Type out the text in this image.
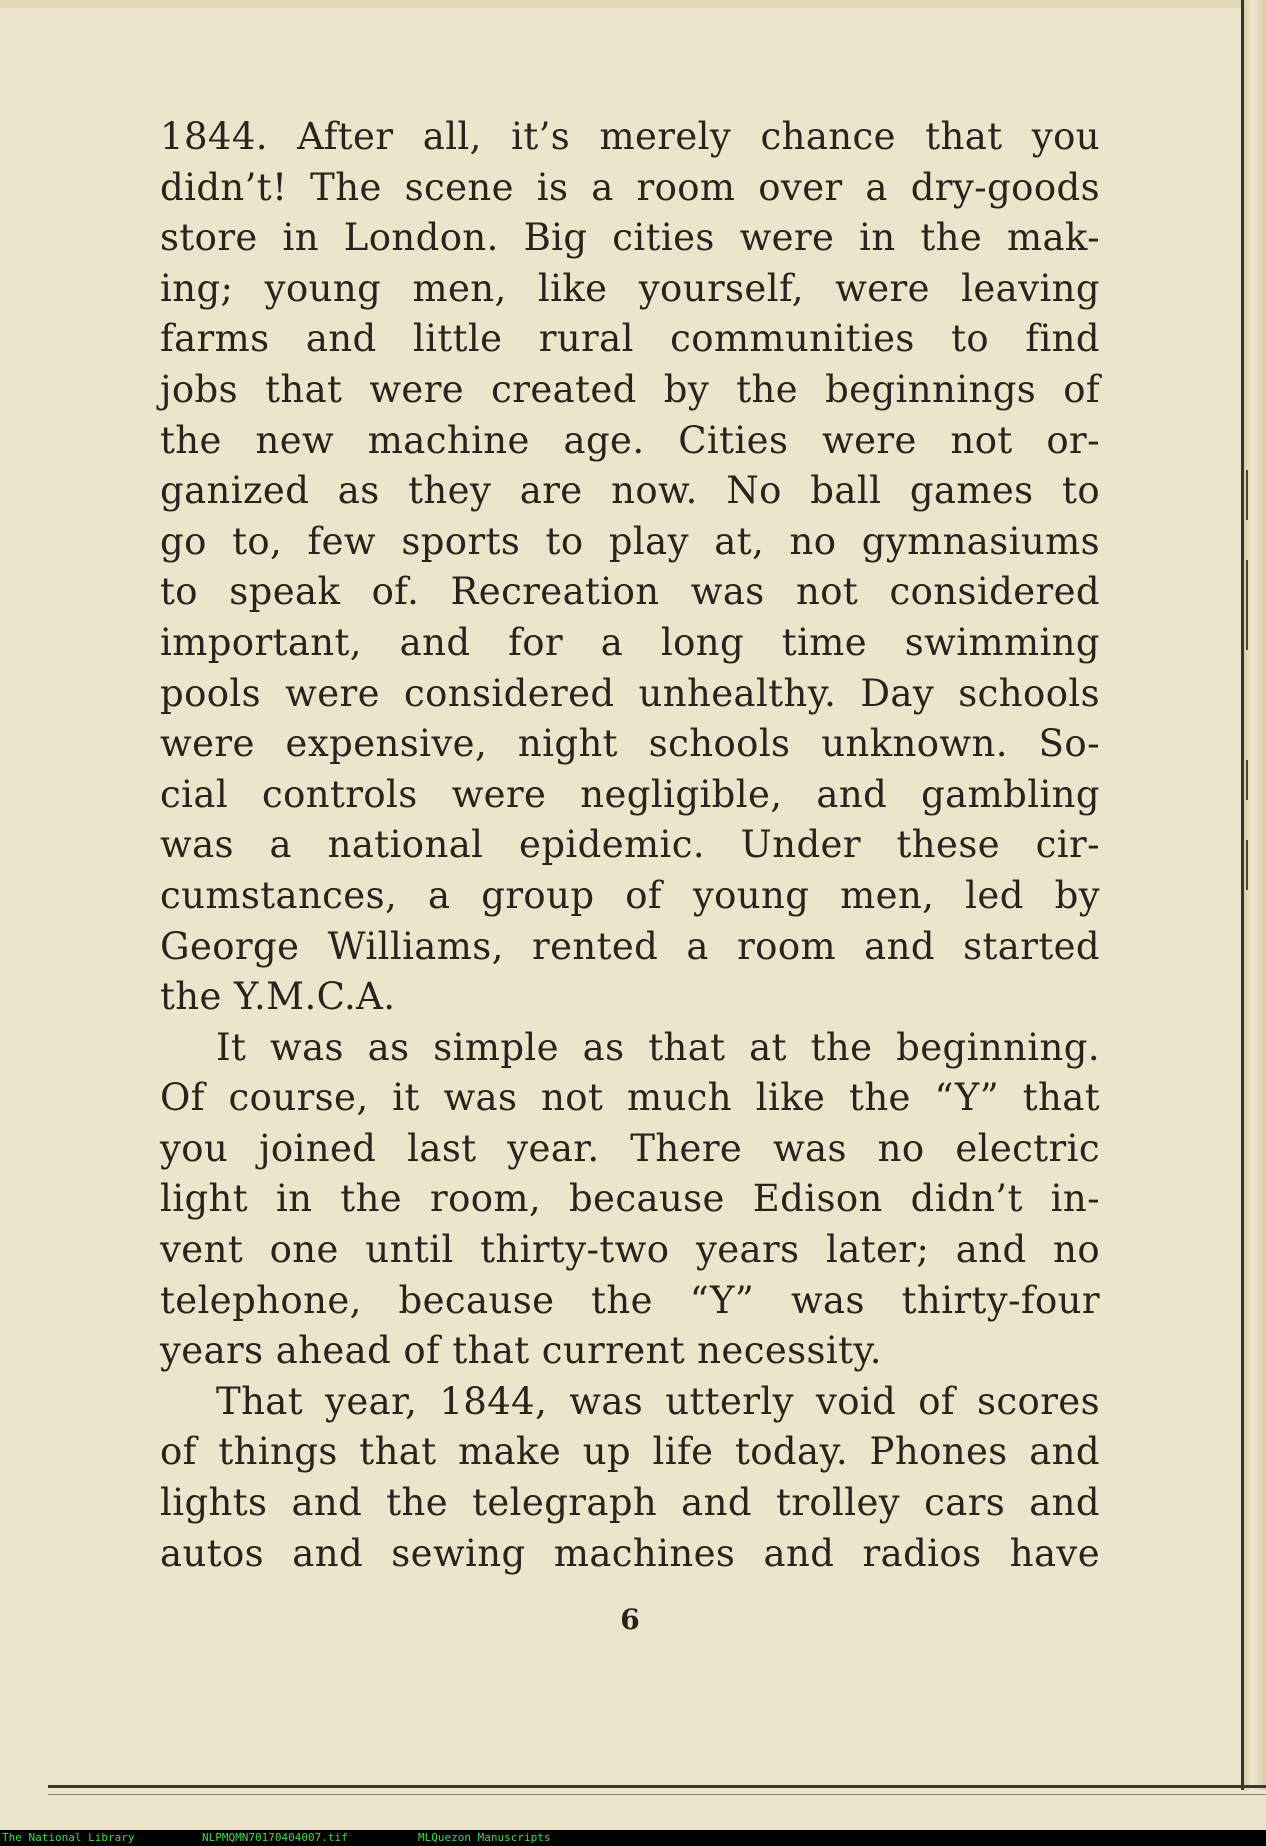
1844. After all, it’s merely chance that you
didn’t! The scene is a room over a dry-goods
store in London. Big cities were in the mak-
ing; young men, like yourself, were leaving
farms and little rural communities to find
jobs that were created by the beginnings of
the new machine age. Cities were not or-
ganized as they are now. No ball games to
go to, few sports to play at, no gymnasiums
to speak of. Recreation was not considered
important, and for a long time swimming
pools were considered unhealthy. Day schools
were expensive, night schools unknown. So-
cial controls were negligible, and gambling
was a national epidemic. Under these cir-
cumstances, a group of young men, led by
George Williams, rented a room and started
the Y.M.C.A.
It was as simple as that at the beginning.
Of course, it was not much like the “Y” that
you joined last year. There was no electric
light in the room, because Edison didn’t in-
vent one until thirty-two years later; and no
telephone, because the “Y” was thirty-four
years ahead of that current necessity.
That year, 1844, was utterly void of scores
of things that make up life today. Phones and
lights and the telegraph and trolley cars and
autos and sewing machines and radios have
6
The National Library	NLPMQMN70170404007.tif	MLQuezon Manuscripts
